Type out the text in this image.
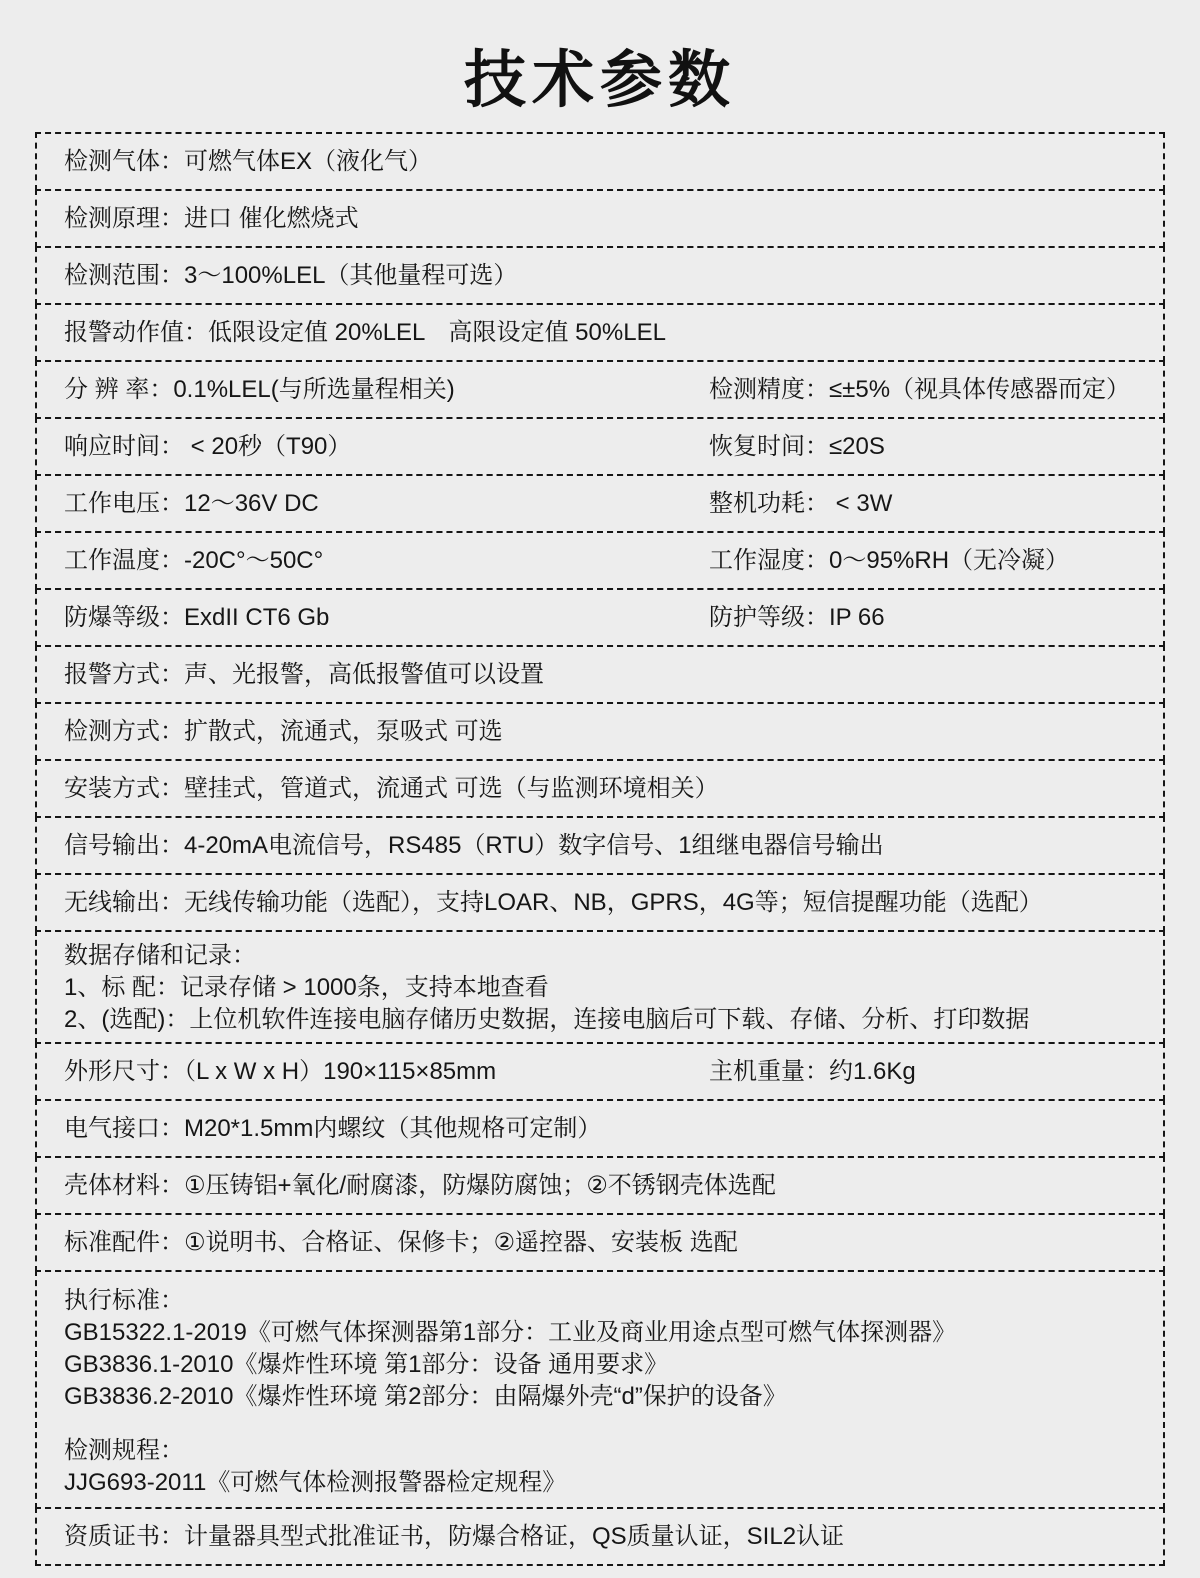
技术参数
检测气体：可燃气体EX（液化气）
检测原理：进口 催化燃烧式
检测范围：3～100%LEL（其他量程可选）
报警动作值：低限设定值 20%LEL　高限设定值 50%LEL
分 辨 率：0.1%LEL(与所选量程相关)	检测精度：≤±5%（视具体传感器而定）
响应时间： < 20秒（T90）	恢复时间：≤20S
工作电压：12～36V DC	整机功耗： < 3W
工作温度：-20C°～50C°	工作湿度：0～95%RH（无冷凝）
防爆等级：ExdII CT6 Gb	防护等级：IP 66
报警方式：声、光报警，高低报警值可以设置
检测方式：扩散式，流通式，泵吸式 可选
安装方式：壁挂式，管道式，流通式 可选（与监测环境相关）
信号输出：4-20mA电流信号，RS485（RTU）数字信号、1组继电器信号输出
无线输出：无线传输功能（选配），支持LOAR、NB，GPRS，4G等；短信提醒功能（选配）
数据存储和记录：
1、标 配：记录存储 > 1000条，支持本地查看
2、(选配)：上位机软件连接电脑存储历史数据，连接电脑后可下载、存储、分析、打印数据
外形尺寸：（L x W x H）190×115×85mm	主机重量：约1.6Kg
电气接口：M20*1.5mm内螺纹（其他规格可定制）
壳体材料：①压铸铝+氧化/耐腐漆，防爆防腐蚀；②不锈钢壳体选配
标准配件：①说明书、合格证、保修卡；②遥控器、安装板 选配
执行标准：
GB15322.1-2019《可燃气体探测器第1部分：工业及商业用途点型可燃气体探测器》
GB3836.1-2010《爆炸性环境 第1部分：设备 通用要求》
GB3836.2-2010《爆炸性环境 第2部分：由隔爆外壳“d”保护的设备》
检测规程：
JJG693-2011《可燃气体检测报警器检定规程》
资质证书：计量器具型式批准证书，防爆合格证，QS质量认证，SIL2认证
